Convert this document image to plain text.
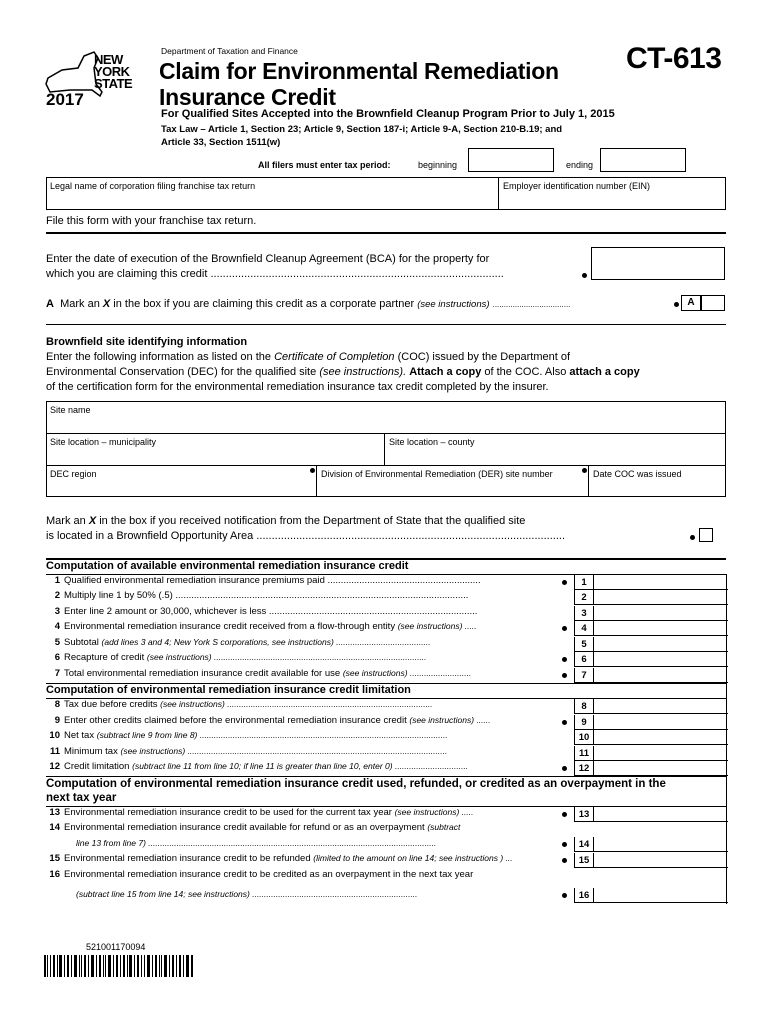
NEW
YORK
STATE
2017
Department of Taxation and Finance
Claim for Environmental Remediation
Insurance Credit
CT-613
For Qualified Sites Accepted into the Brownfield Cleanup Program Prior to July 1, 2015
Tax Law – Article 1, Section 23; Article 9, Section 187-i; Article 9-A, Section 210-B.19; and
Article 33, Section 1511(w)
All filers must enter tax period:	beginning	ending
Legal name of corporation filing franchise tax return	Employer identification number (EIN)
File this form with your franchise tax return.
Enter the date of execution of the Brownfield Cleanup Agreement (BCA) for the property for
which you are claiming this credit ................................................................................................
A Mark an X in the box if you are claiming this credit as a corporate partner (see instructions) ...................................	A
Brownfield site identifying information
Enter the following information as listed on the Certificate of Completion (COC) issued by the Department of
Environmental Conservation (DEC) for the qualified site (see instructions). Attach a copy of the COC. Also attach a copy
of the certification form for the environmental remediation insurance tax credit completed by the insurer.
Site name
Site location – municipality	Site location – county
DEC region	Division of Environmental Remediation (DER) site number	Date COC was issued
Mark an X in the box if you received notification from the Department of State that the qualified site
is located in a Brownfield Opportunity Area .....................................................................................................
Computation of available environmental remediation insurance credit
1 Qualified environmental remediation insurance premiums paid ..........................................................	1
2 Multiply line 1 by 50% (.5) ...............................................................................................................	2
3 Enter line 2 amount or 30,000, whichever is less ...............................................................................	3
4 Environmental remediation insurance credit received from a flow-through entity (see instructions) .....	4
5 Subtotal (add lines 3 and 4; New York S corporations, see instructions) ........................................	5
6 Recapture of credit (see instructions) ..........................................................................................	6
7 Total environmental remediation insurance credit available for use (see instructions) ..........................	7
8 Tax due before credits (see instructions) .......................................................................................	8
9 Enter other credits claimed before the environmental remediation insurance credit (see instructions) ......	9
10 Net tax (subtract line 9 from line 8) .........................................................................................................	10
11 Minimum tax (see instructions) ..............................................................................................................	11
12 Credit limitation (subtract line 11 from line 10; if line 11 is greater than line 10, enter 0) ...............................	12
13 Environmental remediation insurance credit to be used for the current tax year (see instructions) .....	13
14 Environmental remediation insurance credit available for refund or as an overpayment (subtract
line 13 from line 7) ..........................................................................................................................	14
15 Environmental remediation insurance credit to be refunded (limited to the amount on line 14; see instructions ) ...	15
16 Environmental remediation insurance credit to be credited as an overpayment in the next tax year
(subtract line 15 from line 14; see instructions) ......................................................................	16
Computation of environmental remediation insurance credit limitation
Computation of environmental remediation insurance credit used, refunded, or credited as an overpayment in the
next tax year
521001170094
